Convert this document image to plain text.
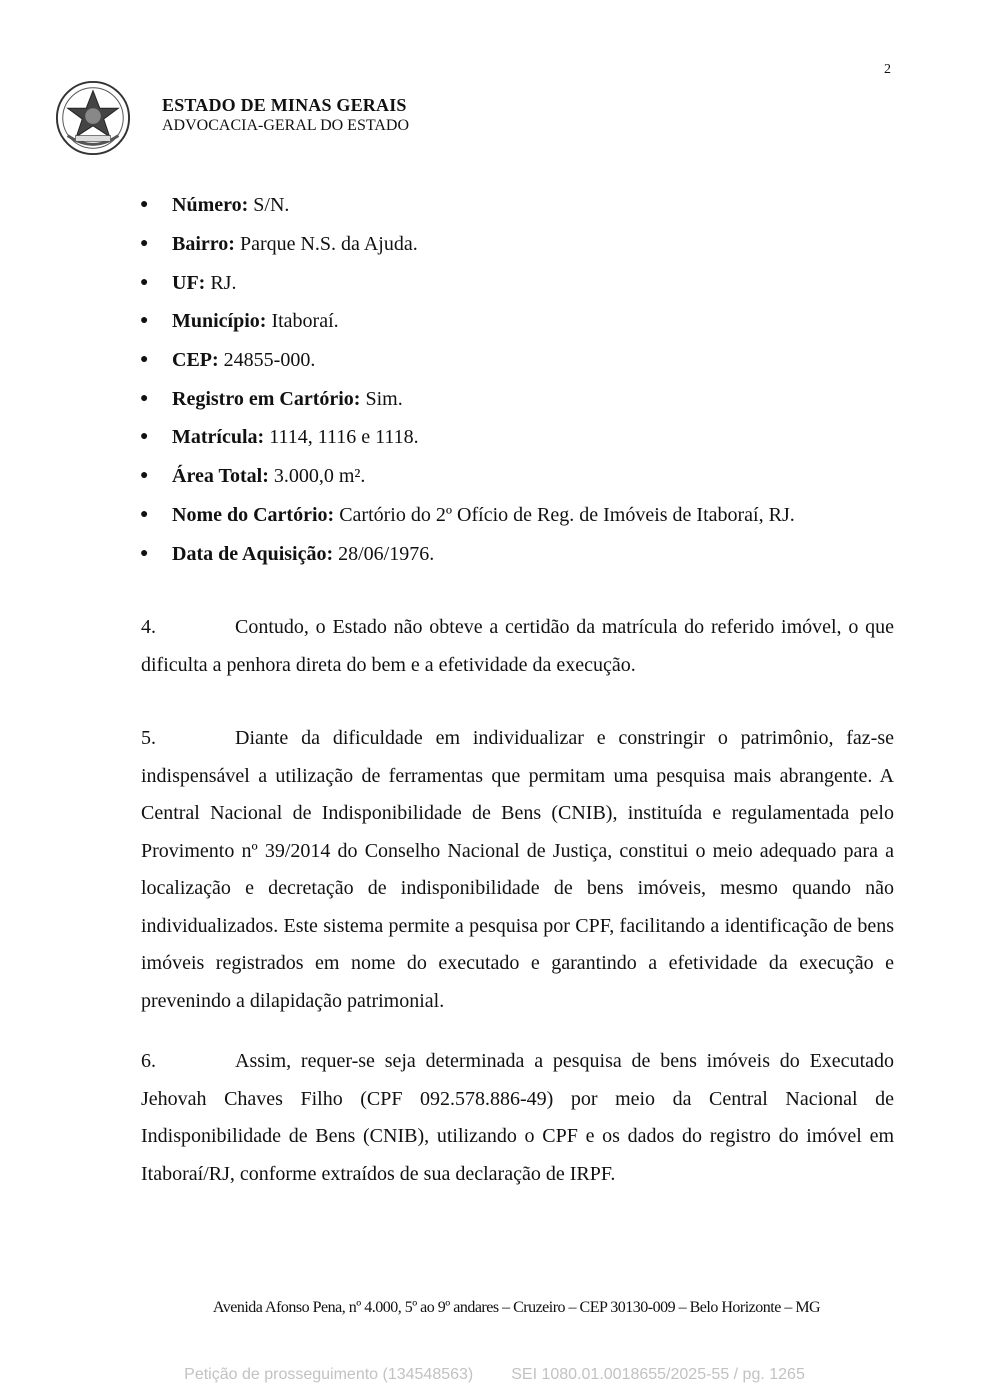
2
ESTADO DE MINAS GERAIS
ADVOCACIA-GERAL DO ESTADO
●	Número: S/N.
●	Bairro: Parque N.S. da Ajuda.
●	UF: RJ.
●	Município: Itaboraí.
●	CEP: 24855-000.
●	Registro em Cartório: Sim.
●	Matrícula: 1114, 1116 e 1118.
●	Área Total: 3.000,0 m².
●	Nome do Cartório: Cartório do 2º Ofício de Reg. de Imóveis de Itaboraí, RJ.
●	Data de Aquisição: 28/06/1976.

4.	Contudo, o Estado não obteve a certidão da matrícula do referido imóvel, o que dificulta a penhora direta do bem e a efetividade da execução.

5.	Diante da dificuldade em individualizar e constringir o patrimônio, faz-se indispensável a utilização de ferramentas que permitam uma pesquisa mais abrangente. A Central Nacional de Indisponibilidade de Bens (CNIB), instituída e regulamentada pelo Provimento nº 39/2014 do Conselho Nacional de Justiça, constitui o meio adequado para a localização e decretação de indisponibilidade de bens imóveis, mesmo quando não individualizados. Este sistema permite a pesquisa por CPF, facilitando a identificação de bens imóveis registrados em nome do executado e garantindo a efetividade da execução e prevenindo a dilapidação patrimonial.

6.	Assim, requer-se seja determinada a pesquisa de bens imóveis do Executado Jehovah Chaves Filho (CPF 092.578.886-49) por meio da Central Nacional de Indisponibilidade de Bens (CNIB), utilizando o CPF e os dados do registro do imóvel em Itaboraí/RJ, conforme extraídos de sua declaração de IRPF.

Avenida Afonso Pena, nº 4.000, 5º ao 9º andares – Cruzeiro – CEP 30130-009 – Belo Horizonte – MG
Petição de prosseguimento (134548563) SEI 1080.01.0018655/2025-55 / pg. 1265
